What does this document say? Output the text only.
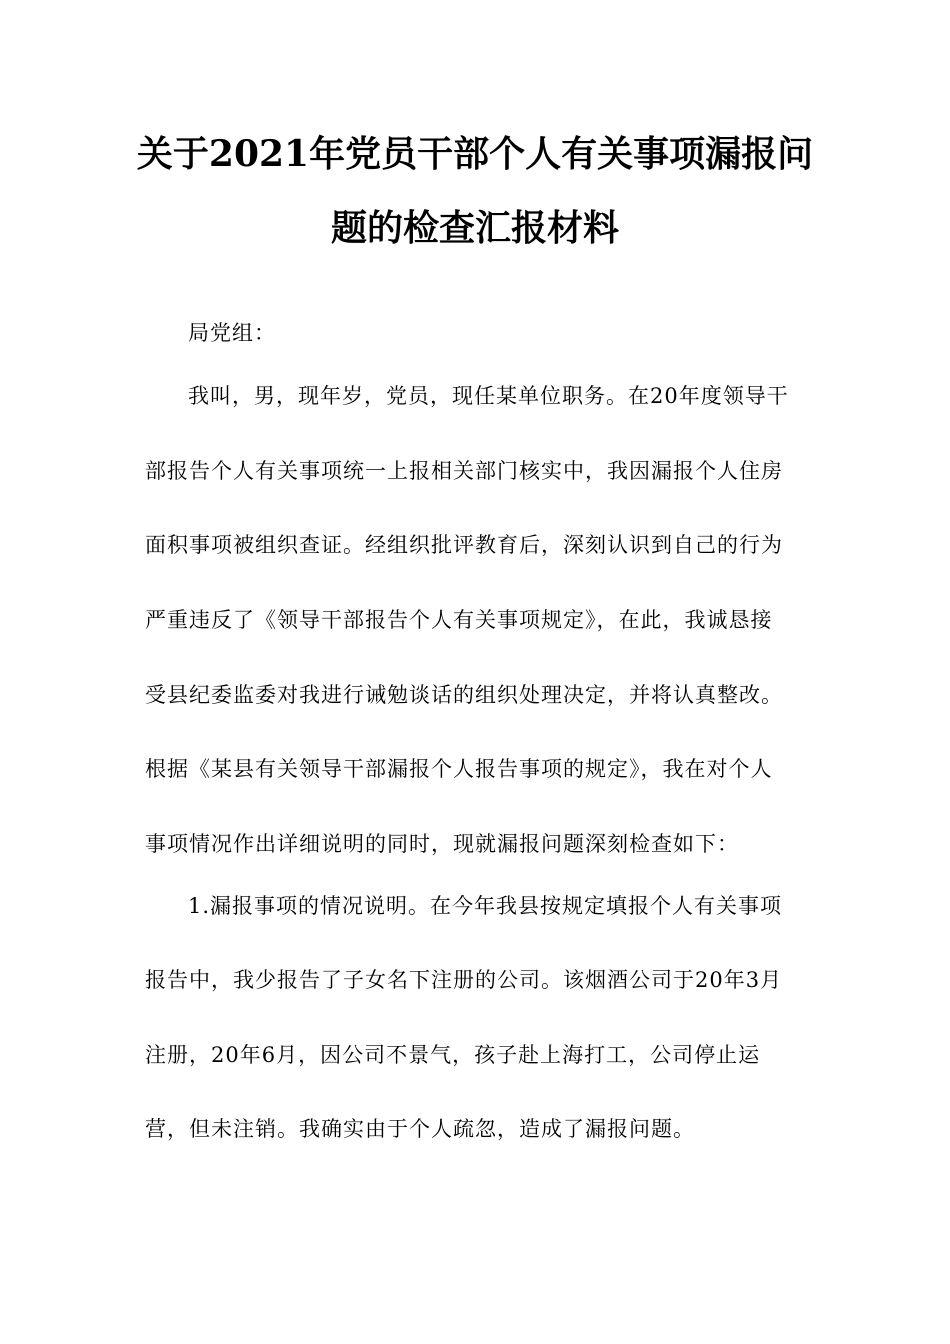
关于2021年党员干部个人有关事项漏报问
题的检查汇报材料
局党组：
我叫，男，现年岁，党员，现任某单位职务。在20年度领导干
部报告个人有关事项统一上报相关部门核实中，我因漏报个人住房
面积事项被组织查证。经组织批评教育后，深刻认识到自己的行为
严重违反了《领导干部报告个人有关事项规定》，在此，我诚恳接
受县纪委监委对我进行诫勉谈话的组织处理决定，并将认真整改。
根据《某县有关领导干部漏报个人报告事项的规定》，我在对个人
事项情况作出详细说明的同时，现就漏报问题深刻检查如下：
1.漏报事项的情况说明。在今年我县按规定填报个人有关事项
报告中，我少报告了子女名下注册的公司。该烟酒公司于20年3月
注册，20年6月，因公司不景气，孩子赴上海打工，公司停止运
营，但未注销。我确实由于个人疏忽，造成了漏报问题。
